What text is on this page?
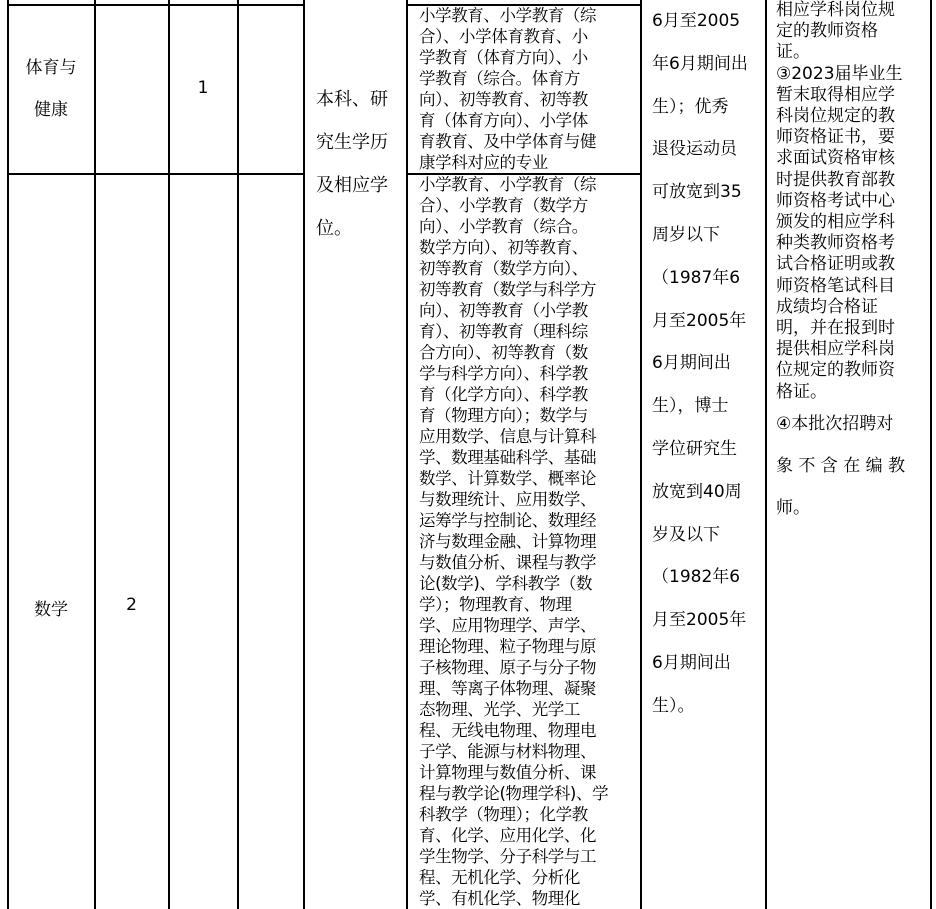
体育与
健康
1
数学	2
本科、研
究生学历
及相应学
位。
小学教育、小学教育（综
合）、小学体育教育、小
学教育（体育方向）、小
学教育（综合。体育方
向）、初等教育、初等教
育（体育方向）、小学体
育教育、及中学体育与健
康学科对应的专业
小学教育、小学教育（综
合）、小学教育（数学方
向）、小学教育（综合。
数学方向）、初等教育、
初等教育（数学方向）、
初等教育（数学与科学方
向）、初等教育（小学教
育）、初等教育（理科综
合方向）、初等教育（数
学与科学方向）、科学教
育（化学方向）、科学教
育（物理方向）；数学与
应用数学、信息与计算科
学、数理基础科学、基础
数学、计算数学、概率论
与数理统计、应用数学、
运筹学与控制论、数理经
济与数理金融、计算物理
与数值分析、课程与教学
论(数学)、学科教学（数
学）；物理教育、物理
学、应用物理学、声学、
理论物理、粒子物理与原
子核物理、原子与分子物
理、等离子体物理、凝聚
态物理、光学、光学工
程、无线电物理、物理电
子学、能源与材料物理、
计算物理与数值分析、课
程与教学论(物理学科)、学
科教学（物理）；化学教
育、化学、应用化学、化
学生物学、分子科学与工
程、无机化学、分析化
学、有机化学、物理化
6月至2005
年6月期间出
生）；优秀
退役运动员
可放宽到35
周岁以下
（1987年6
月至2005年
6月期间出
生），博士
学位研究生
放宽到40周
岁及以下
（1982年6
月至2005年
6月期间出
生）。
相应学科岗位规
定的教师资格
证。
③2023届毕业生
暂末取得相应学
科岗位规定的教
师资格证书，要
求面试资格审核
时提供教育部教
师资格考试中心
颁发的相应学科
种类教师资格考
试合格证明或教
师资格笔试科目
成绩均合格证
明，并在报到时
提供相应学科岗
位规定的教师资
格证。
④本批次招聘对
象 不 含 在 编 教
师。
